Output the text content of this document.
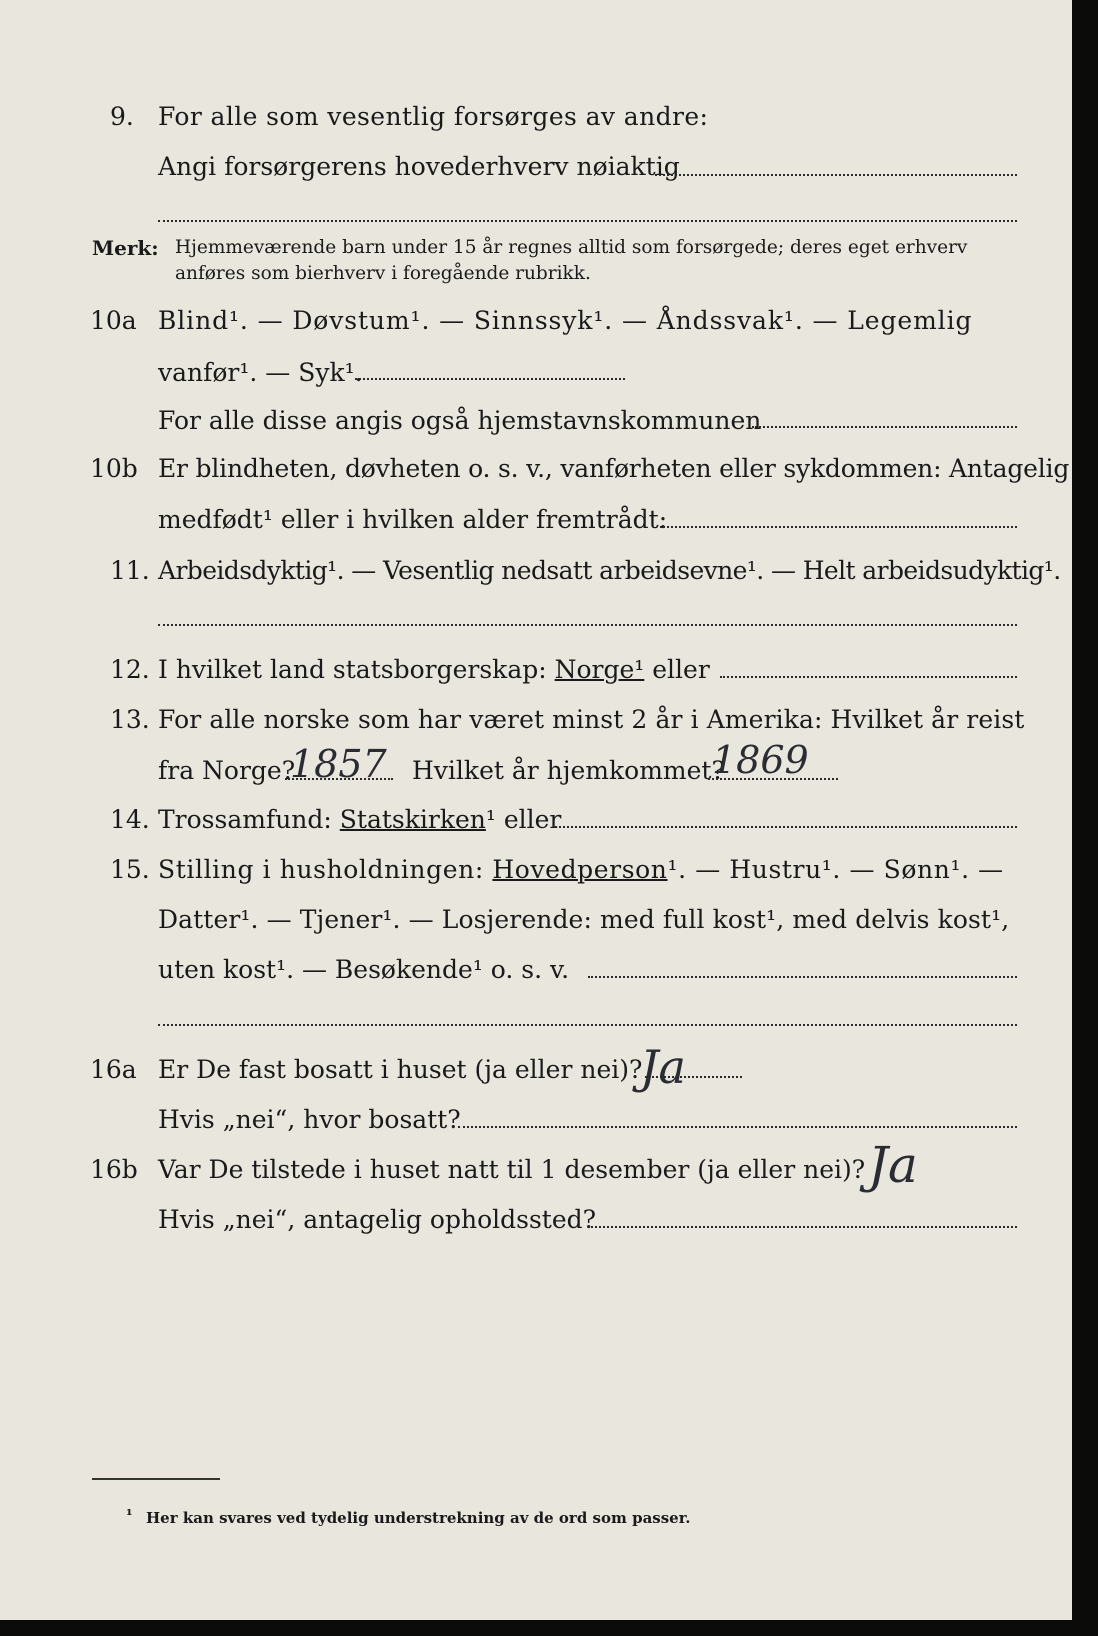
9. For alle som vesentlig forsørges av andre:
Angi forsørgerens hovederhverv nøiaktig
Merk: Hjemmeværende barn under 15 år regnes alltid som forsørgede; deres eget erhverv
anføres som bierhverv i foregående rubrikk.
10a Blind¹. — Døvstum¹. — Sinnssyk¹. — Åndssvak¹. — Legemlig
vanfør¹. — Syk¹.
For alle disse angis også hjemstavnskommunen
10b Er blindheten, døvheten o. s. v., vanførheten eller sykdommen: Antagelig
medfødt¹ eller i hvilken alder fremtrådt:
11. Arbeidsdyktig¹. — Vesentlig nedsatt arbeidsevne¹. — Helt arbeidsudyktig¹.
12. I hvilket land statsborgerskap: Norge¹ eller
13. For alle norske som har været minst 2 år i Amerika: Hvilket år reist
fra Norge?
1857 Hvilket år hjemkommet?
1869
14. Trossamfund: Statskirken¹ eller
15. Stilling i husholdningen: Hovedperson¹. — Hustru¹. — Sønn¹. —
Datter¹. — Tjener¹. — Losjerende: med full kost¹, med delvis kost¹,
uten kost¹. — Besøkende¹ o. s. v.
16a Er De fast bosatt i huset (ja eller nei)?
Ja
Hvis „nei“, hvor bosatt?
16b Var De tilstede i huset natt til 1 desember (ja eller nei)? Ja
Hvis „nei“, antagelig opholdssted?
¹ Her kan svares ved tydelig understrekning av de ord som passer.
